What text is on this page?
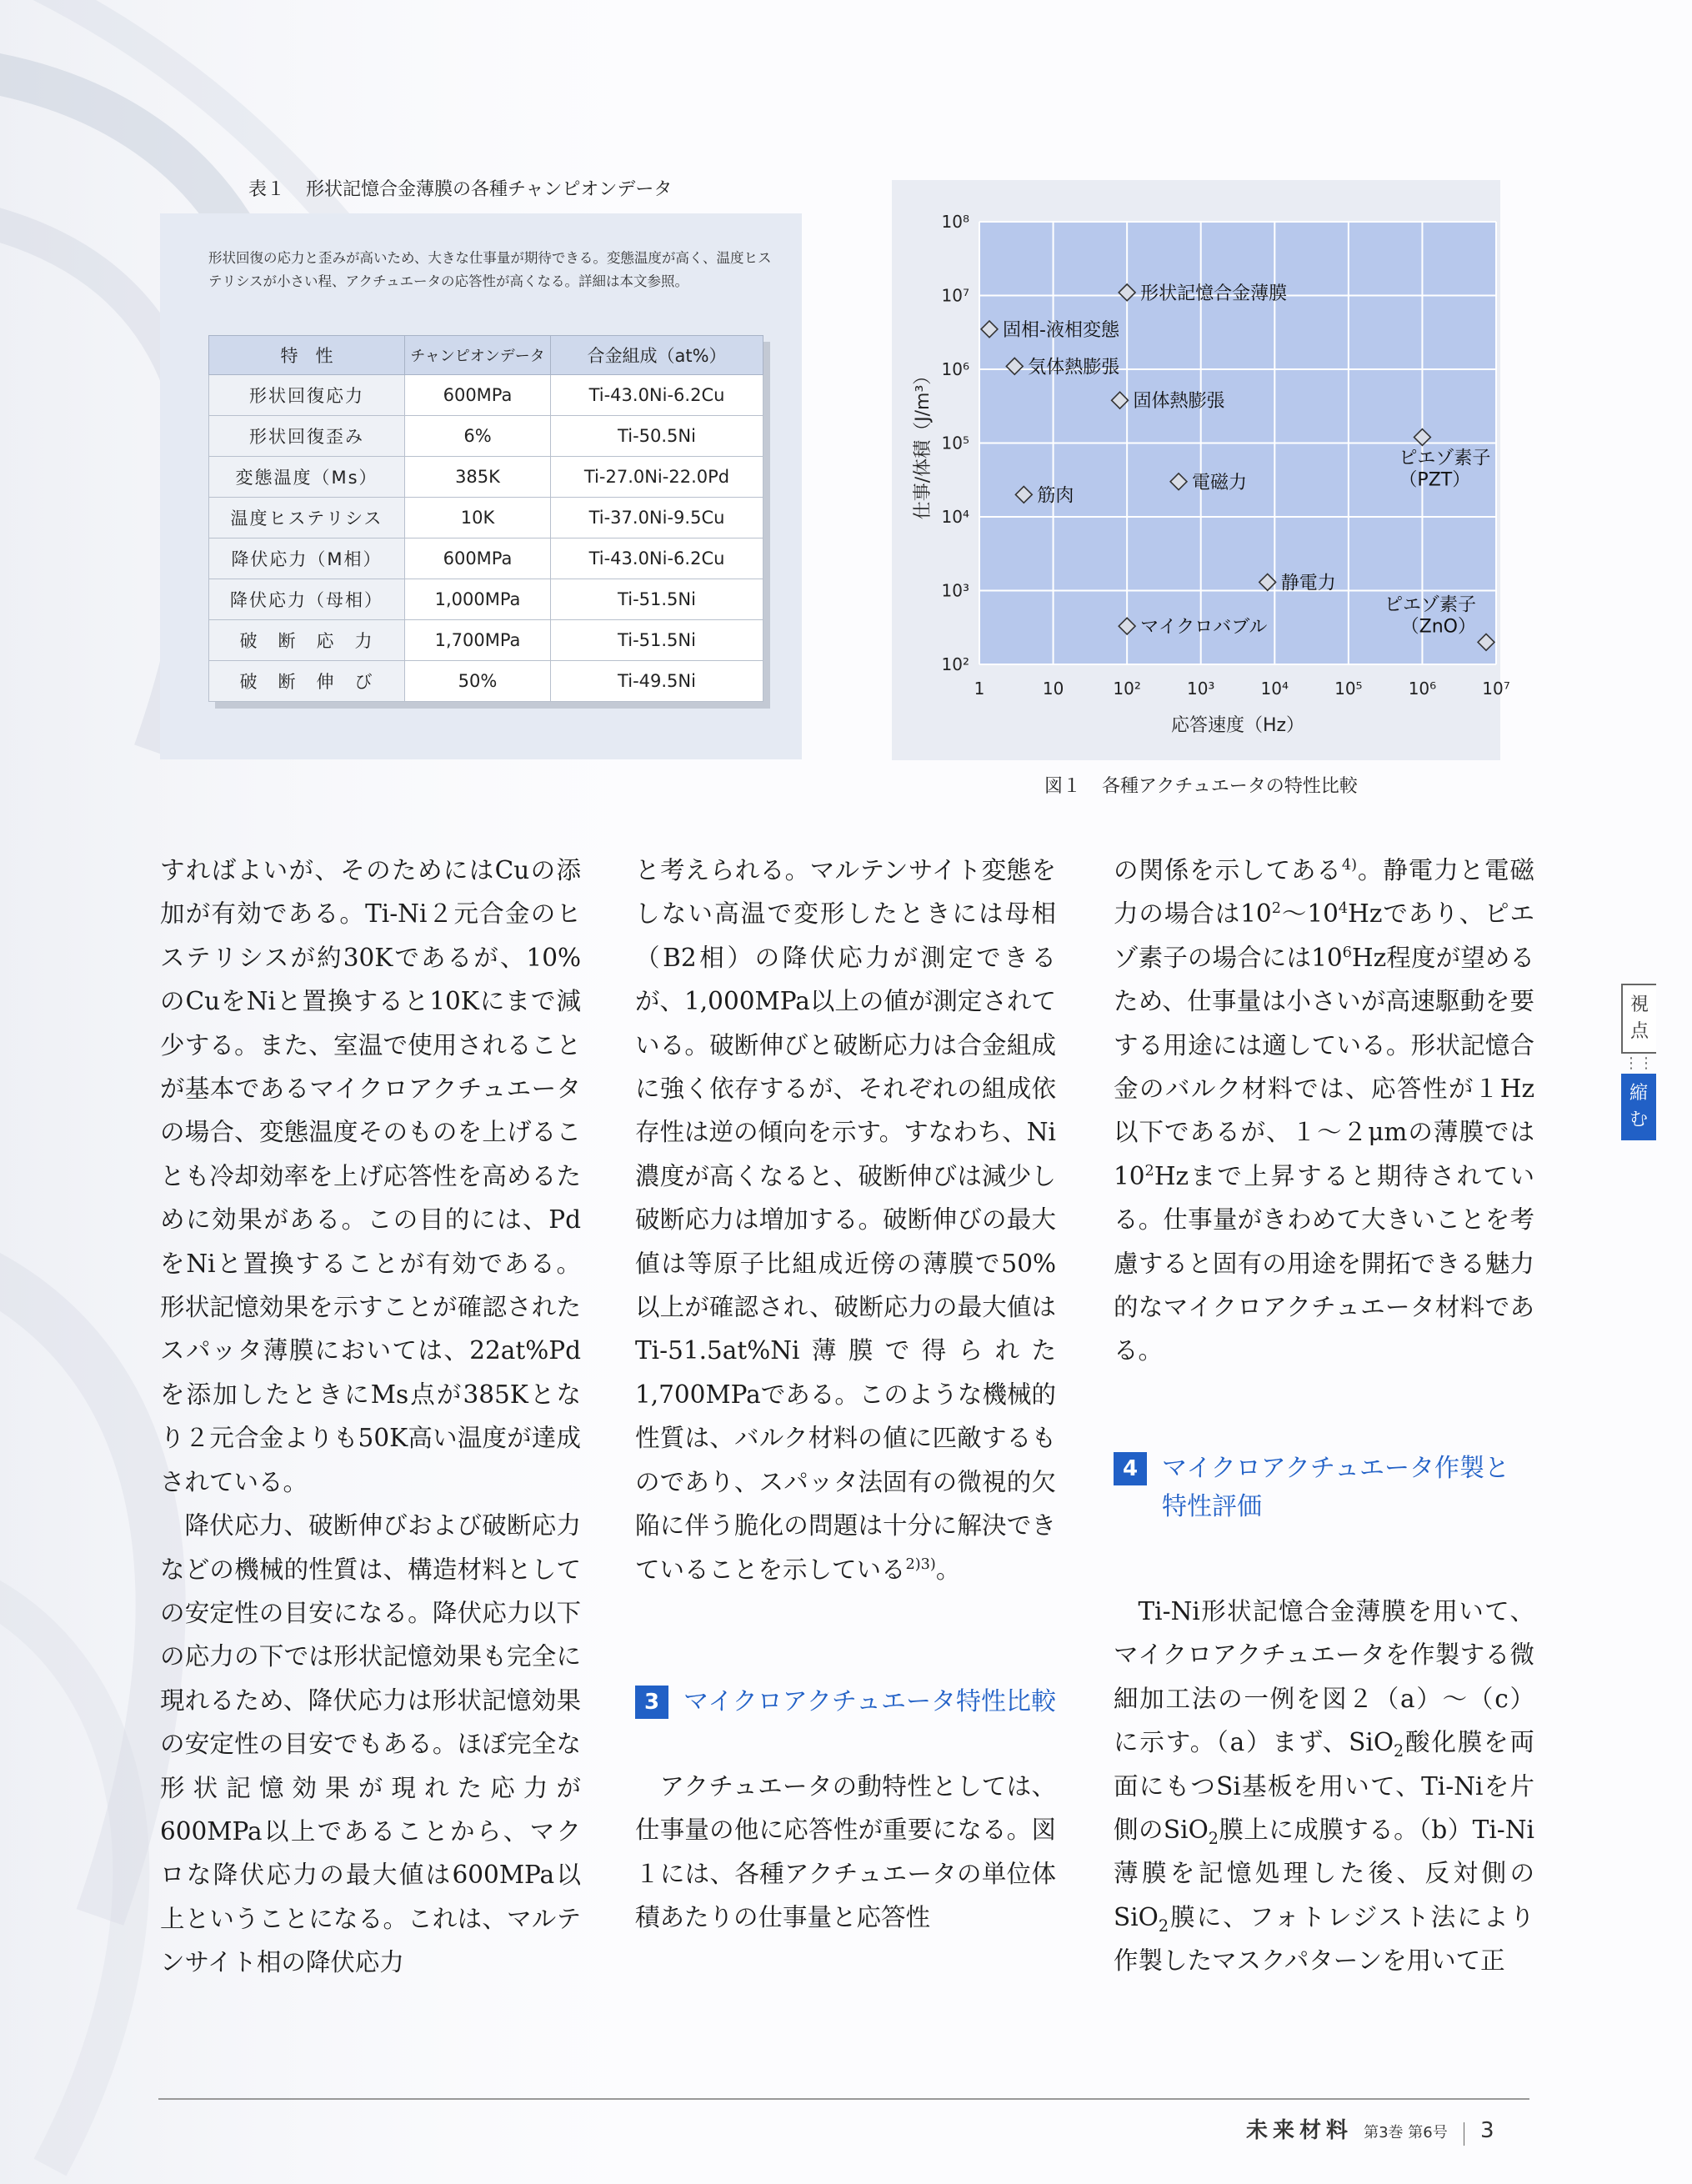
表１ 形状記憶合金薄膜の各種チャンピオンデータ
形状回復の応力と歪みが高いため、大きな仕事量が期待できる。変態温度が高く、温度ヒステリシスが小さい程、アクチュエータの応答性が高くなる。詳細は本文参照。
特　性	チャンピオンデータ	合金組成（at%）
形状回復応力	600MPa	Ti-43.0Ni-6.2Cu
形状回復歪み	6%	Ti-50.5Ni
変態温度（Ms）	385K	Ti-27.0Ni-22.0Pd
温度ヒステリシス	10K	Ti-37.0Ni-9.5Cu
降伏応力（M相）	600MPa	Ti-43.0Ni-6.2Cu
降伏応力（母相）	1,000MPa	Ti-51.5Ni
破　断　応　力	1,700MPa	Ti-51.5Ni
破　断　伸　び	50%	Ti-49.5Ni	1	10	10²	10³	10⁴	10⁵	10⁶	10⁷
10²
10³
10⁴
10⁵
10⁶
10⁷
10⁸
応答速度（Hz）
仕事/体積（J/m³）
形状記憶合金薄膜
固相-液相変態
気体熱膨張
固体熱膨張
ピエゾ素子（PZT）
電磁力
筋肉
静電力
マイクロバブル
ピエゾ素子（ZnO）
図１ 各種アクチュエータの特性比較

すればよいが、そのためにはCuの添加が有効である。Ti-Ni２元合金のヒステリシスが約30Kであるが、10%のCuをNiと置換すると10Kにまで減少する。また、室温で使用されることが基本であるマイクロアクチュエータの場合、変態温度そのものを上げることも冷却効率を上げ応答性を高めるために効果がある。この目的には、PdをNiと置換することが有効である。形状記憶効果を示すことが確認されたスパッタ薄膜においては、22at%Pdを添加したときにMs点が385Kとなり２元合金よりも50K高い温度が達成されている。

降伏応力、破断伸びおよび破断応力などの機械的性質は、構造材料としての安定性の目安になる。降伏応力以下の応力の下では形状記憶効果も完全に現れるため、降伏応力は形状記憶効果の安定性の目安でもある。ほぼ完全な形状記憶効果が現れた応力が600MPa以上であることから、マクロな降伏応力の最大値は600MPa以上ということになる。これは、マルテンサイト相の降伏応力

と考えられる。マルテンサイト変態をしない高温で変形したときには母相（B2相）の降伏応力が測定できるが、1,000MPa以上の値が測定されている。破断伸びと破断応力は合金組成に強く依存するが、それぞれの組成依存性は逆の傾向を示す。すなわち、Ni濃度が高くなると、破断伸びは減少し破断応力は増加する。破断伸びの最大値は等原子比組成近傍の薄膜で50%以上が確認され、破断応力の最大値はTi-51.5at%Ni薄膜で得られた1,700MPaである。このような機械的性質は、バルク材料の値に匹敵するものであり、スパッタ法固有の微視的欠陥に伴う脆化の問題は十分に解決できていることを示している$^{2)3)}$。

3 マイクロアクチュエータ特性比較

アクチュエータの動特性としては、仕事量の他に応答性が重要になる。図１には、各種アクチュエータの単位体積あたりの仕事量と応答性

の関係を示してある$^{4)}$。静電力と電磁力の場合は$10^2$〜$10^4Hz$であり、ピエゾ素子の場合には$10^6Hz$程度が望めるため、仕事量は小さいが高速駆動を要する用途には適している。形状記憶合金のバルク材料では、応答性が１Hz以下であるが、１〜２μmの薄膜では$10^2Hz$まで上昇すると期待されている。仕事量がきわめて大きいことを考慮すると固有の用途を開拓できる魅力的なマイクロアクチュエータ材料である。

4 マイクロアクチュエータ作製と特性評価

Ti-Ni形状記憶合金薄膜を用いて、マイクロアクチュエータを作製する微細加工法の一例を図２（a）〜（c）に示す。（a）まず、SiO$_2$酸化膜を両面にもつSi基板を用いて、Ti-Niを片側のSiO$_2$膜上に成膜する。（b）Ti-Ni薄膜を記憶処理した後、反対側のSiO$_2$膜に、フォトレジスト法により作製したマスクパターンを用いて正

視
点
⋮⋮
縮
む
未来材料 第3巻 第6号 3
